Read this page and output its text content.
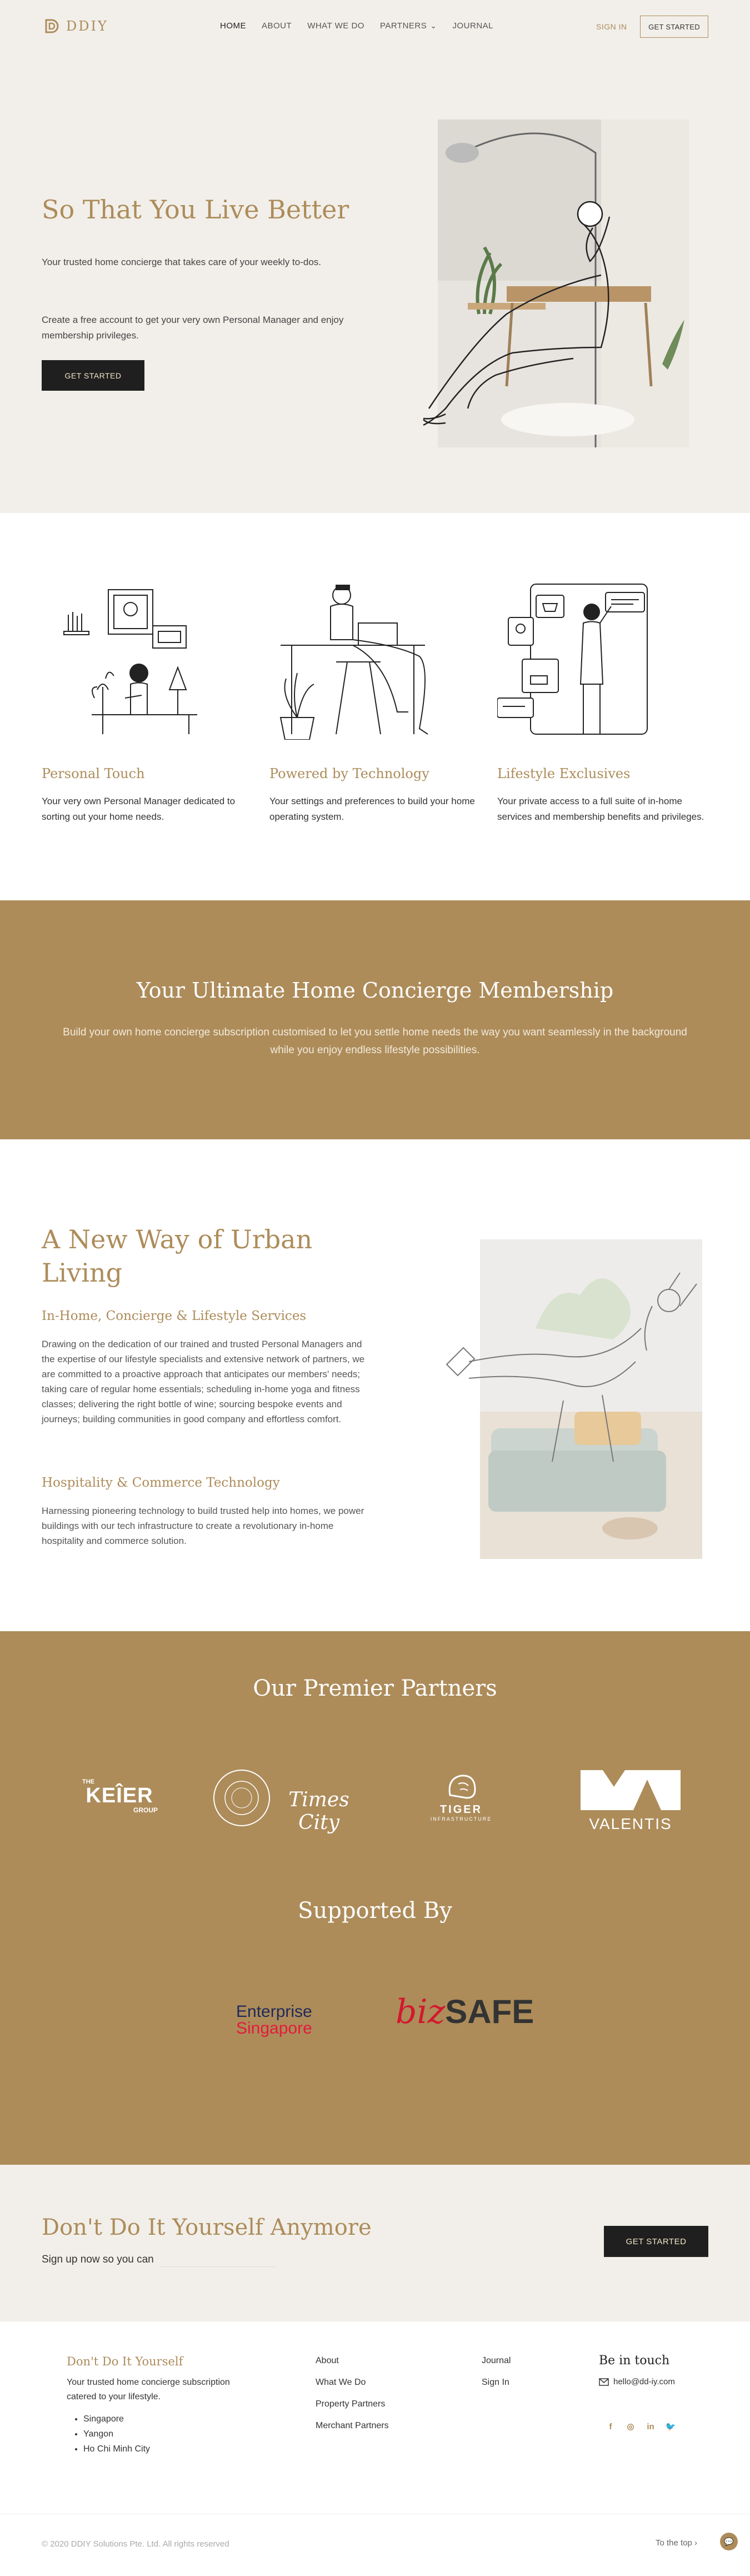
So That You Live Better

Your trusted home concierge that takes care of your weekly to-dos.

Create a free account to get your very own Personal Manager and enjoy membership privileges.

GET STARTED
DDIY	HOME ABOUT WHAT WE DO PARTNERS ⌄	JOURNAL	SIGN IN	GET STARTED
Personal Touch

Your very own Personal Manager dedicated to sorting out your home needs.

Powered by Technology

Your settings and preferences to build your home operating system.

Lifestyle Exclusives

Your private access to a full suite of in-home services and membership benefits and privileges.

Your Ultimate Home Concierge Membership

Build your own home concierge subscription customised to let you settle home needs the way you want seamlessly in the background while you enjoy endless lifestyle possibilities.

A New Way of Urban Living
In-Home, Concierge & Lifestyle Services

Drawing on the dedication of our trained and trusted Personal Managers and the expertise of our lifestyle specialists and extensive network of partners, we are committed to a proactive approach that anticipates our members' needs; taking care of regular home essentials; scheduling in-home yoga and fitness classes; delivering the right bottle of wine; sourcing bespoke events and journeys; building communities in good company and effortless comfort.

Hospitality & Commerce Technology

Harnessing pioneering technology to build trusted help into homes, we power buildings with our tech infrastructure to create a revolutionary in-home hospitality and commerce solution.

Our Premier Partners
THE
KEÎER
GROUP	Times City
TIGER
INFRASTRUCTURE	VALENTIS
Supported By
Enterprise
Singapore	bizSAFE
Don't Do It Yourself Anymore
Sign up now so you can
GET STARTED
Don't Do It Yourself

Your trusted home concierge subscription catered to your lifestyle.

• Singapore
• Yangon
• Ho Chi Minh City
About
What We Do
Property Partners
Merchant Partners
Journal
Sign In
Be in touch
hello@dd-iy.com
f	◎ in 🐦
© 2020 DDIY Solutions Pte. Ltd. All rights reserved	To the top ›	💬
